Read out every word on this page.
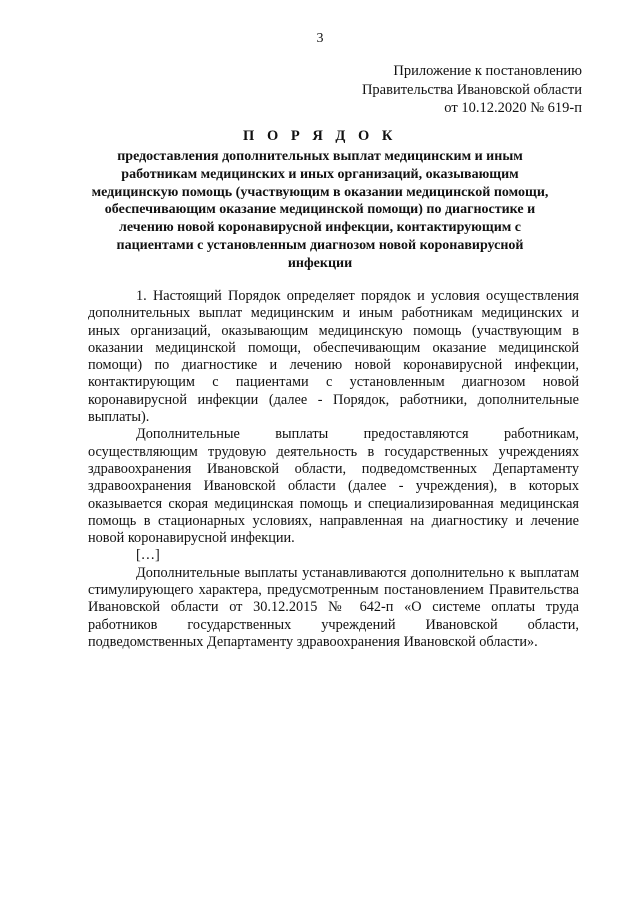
3
Приложение к постановлению
Правительства Ивановской области
от 10.12.2020 № 619-п
П О Р Я Д О К
предоставления дополнительных выплат медицинским и иным работникам медицинских и иных организаций, оказывающим медицинскую помощь (участвующим в оказании медицинской помощи, обеспечивающим оказание медицинской помощи) по диагностике и лечению новой коронавирусной инфекции, контактирующим с пациентами с установленным диагнозом новой коронавирусной инфекции

1. Настоящий Порядок определяет порядок и условия осуществления дополнительных выплат медицинским и иным работникам медицинских и иных организаций, оказывающим медицинскую помощь (участвующим в оказании медицинской помощи, обеспечивающим оказание медицинской помощи) по диагностике и лечению новой коронавирусной инфекции, контактирующим с пациентами с установленным диагнозом новой коронавирусной инфекции (далее - Порядок, работники, дополнительные выплаты).

Дополнительные выплаты предоставляются работникам, осуществляющим трудовую деятельность в государственных учреждениях здравоохранения Ивановской области, подведомственных Департаменту здравоохранения Ивановской области (далее - учреждения), в которых оказывается скорая медицинская помощь и специализированная медицинская помощь в стационарных условиях, направленная на диагностику и лечение новой коронавирусной инфекции.

[…]

Дополнительные выплаты устанавливаются дополнительно к выплатам стимулирующего характера, предусмотренным постановлением Правительства Ивановской области от 30.12.2015 № 642-п «О системе оплаты труда работников государственных учреждений Ивановской области, подведомственных Департаменту здравоохранения Ивановской области».
